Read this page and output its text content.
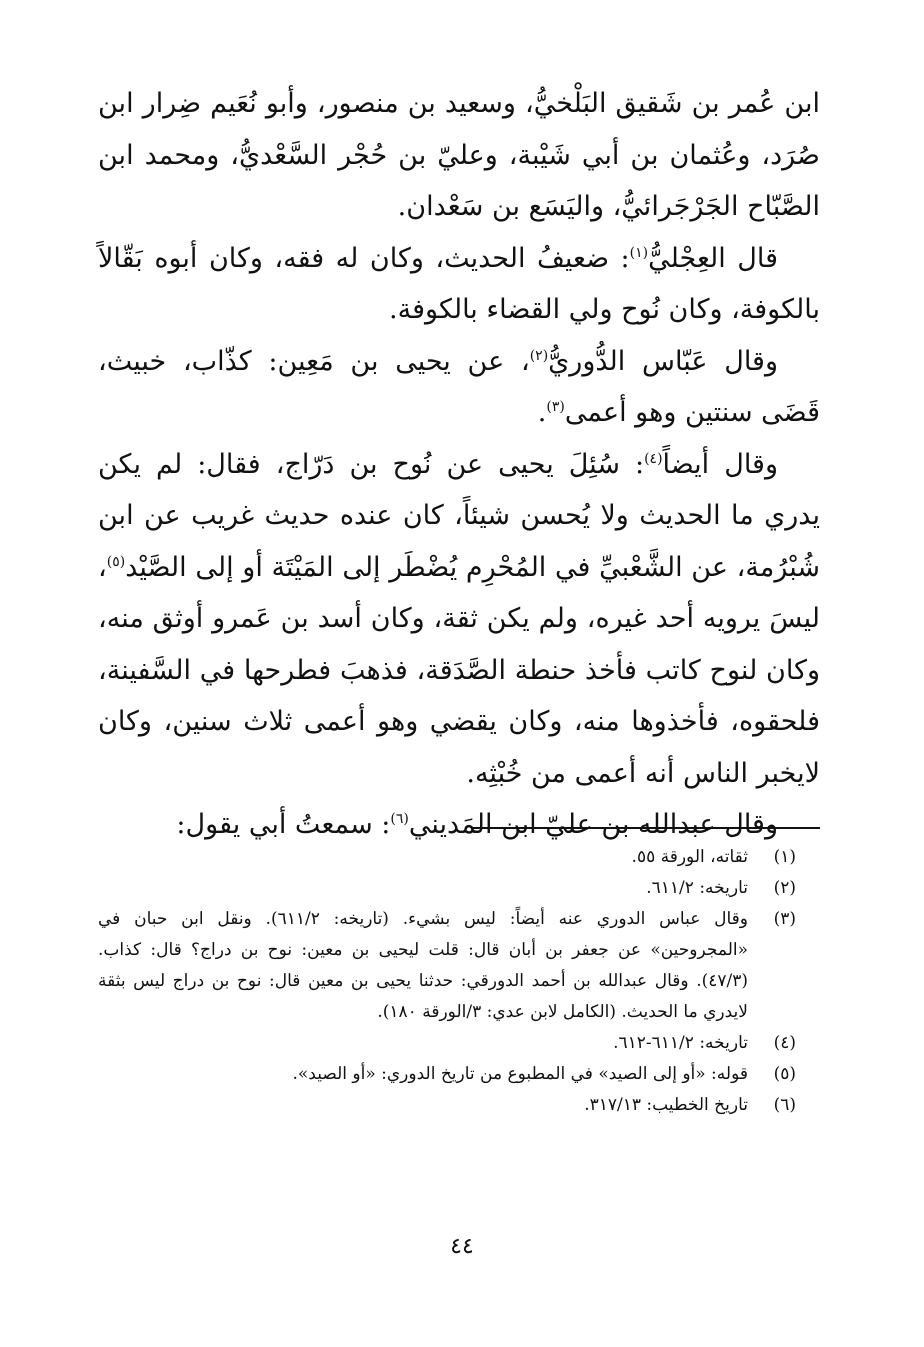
ابن عُمر بن شَقيق البَلْخيُّ، وسعيد بن منصور، وأبو نُعَيم ضِرار ابن صُرَد، وعُثمان بن أبي شَيْبة، وعليّ بن حُجْر السَّعْديُّ، ومحمد ابن الصَّبّاح الجَرْجَرائيُّ، واليَسَع بن سَعْدان.

قال العِجْليُّ$^{(١)}$: ضعيفُ الحديث، وكان له فقه، وكان أبوه بَقّالاً بالكوفة، وكان نُوح ولي القضاء بالكوفة.

وقال عَبّاس الدُّوريُّ$^{(٢)}$، عن يحيى بن مَعِين: كذّاب، خبيث، قَضَى سنتين وهو أعمى$^{(٣)}$.

وقال أيضاً$^{(٤)}$: سُئِلَ يحيى عن نُوح بن دَرّاج، فقال: لم يكن يدري ما الحديث ولا يُحسن شيئاً، كان عنده حديث غريب عن ابن شُبْرُمة، عن الشَّعْبيِّ في المُحْرِم يُضْطَر إلى المَيْتَة أو إلى الصَّيْد$^{(٥)}$، ليسَ يرويه أحد غيره، ولم يكن ثقة، وكان أسد بن عَمرو أوثق منه، وكان لنوح كاتب فأخذ حنطة الصَّدَقة، فذهبَ فطرحها في السَّفينة، فلحقوه، فأخذوها منه، وكان يقضي وهو أعمى ثلاث سنين، وكان لايخبر الناس أنه أعمى من خُبْثِه.

وقال عبدالله بن عليّ ابن المَديني$^{(٦)}$: سمعتُ أبي يقول:

(١)
ثقاته، الورقة ٥٥.
(٢)
تاريخه: ٦١١/٢.
(٣)
وقال عباس الدوري عنه أيضاً: ليس بشيء. (تاريخه: ٦١١/٢). ونقل ابن حبان في «المجروحين» عن جعفر بن أبان قال: قلت ليحيى بن معين: نوح بن دراج؟ قال: كذاب. (٤٧/٣). وقال عبدالله بن أحمد الدورقي: حدثنا يحيى بن معين قال: نوح بن دراج ليس بثقة لايدري ما الحديث. (الكامل لابن عدي: ٣/الورقة ١٨٠).
(٤)
تاريخه: ٦١١/٢-٦١٢.
(٥)
قوله: «أو إلى الصيد» في المطبوع من تاريخ الدوري: «أو الصيد».
(٦)
تاريخ الخطيب: ٣١٧/١٣.
٤٤
